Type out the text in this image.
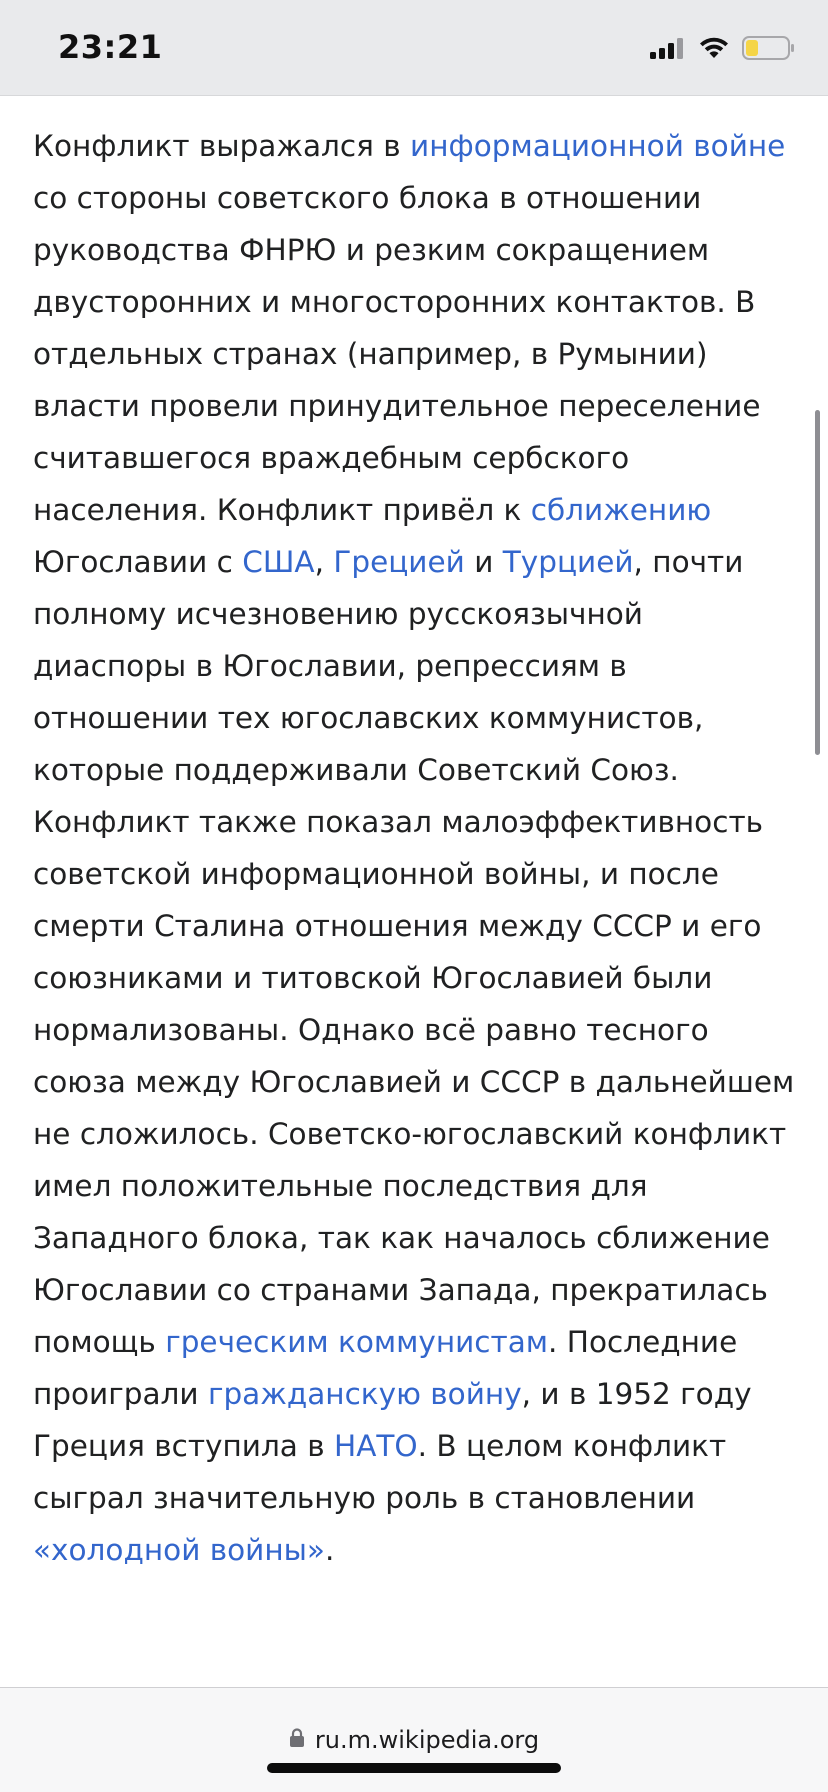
23:21

Конфликт выражался в информационной войне со стороны советского блока в отношении руководства ФНРЮ и резким сокращением двусторонних и многосторонних контактов. В отдельных странах (например, в Румынии) власти провели принудительное переселение считавшегося враждебным сербского населения. Конфликт привёл к сближению Югославии с США, Грецией и Турцией, почти полному исчезновению русскоязычной диаспоры в Югославии, репрессиям в отношении тех югославских коммунистов, которые поддерживали Советский Союз. Конфликт также показал малоэффективность советской информационной войны, и после смерти Сталина отношения между СССР и его союзниками и титовской Югославией были нормализованы. Однако всё равно тесного союза между Югославией и СССР в дальнейшем не сложилось. Советско-югославский конфликт имел положительные последствия для Западного блока, так как началось сближение Югославии со странами Запада, прекратилась помощь греческим коммунистам. Последние проиграли гражданскую войну, и в 1952 году Греция вступила в НАТО. В целом конфликт сыграл значительную роль в становлении «холодной войны».

ru.m.wikipedia.org
